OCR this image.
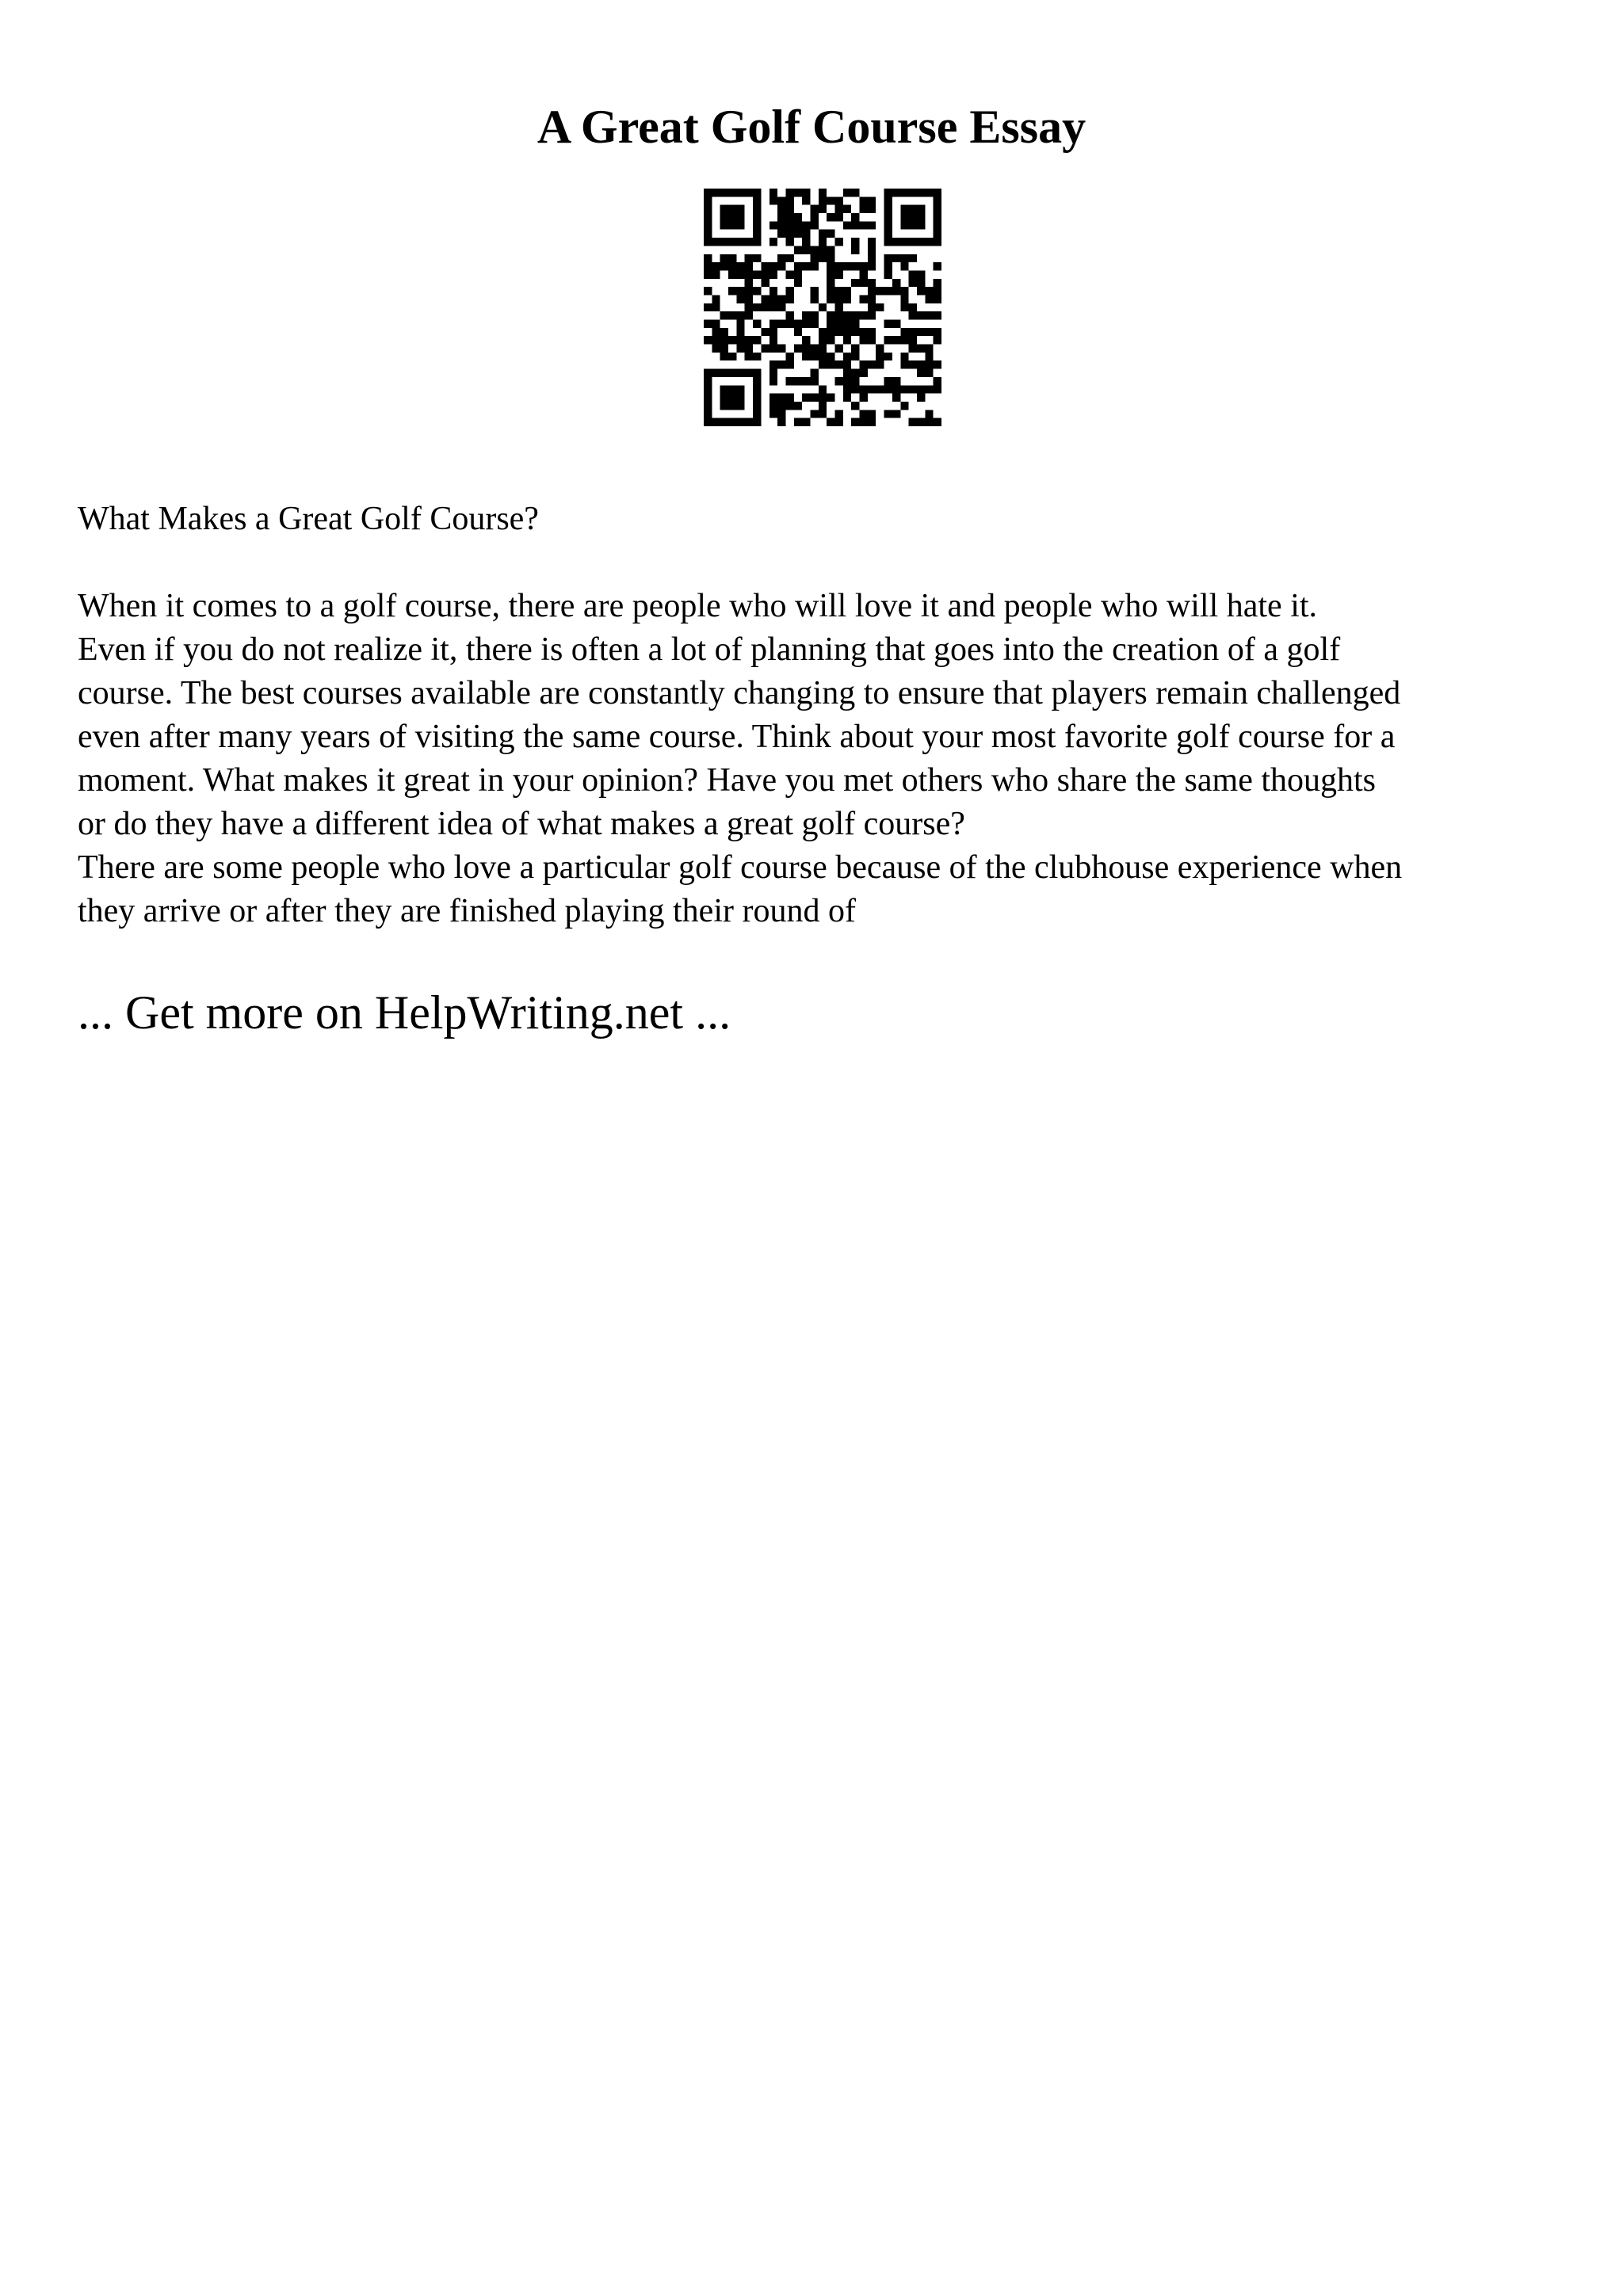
A Great Golf Course Essay

What Makes a Great Golf Course?

When it comes to a golf course, there are people who will love it and people who will hate it.

Even if you do not realize it, there is often a lot of planning that goes into the creation of a golf

course. The best courses available are constantly changing to ensure that players remain challenged

even after many years of visiting the same course. Think about your most favorite golf course for a

moment. What makes it great in your opinion? Have you met others who share the same thoughts

or do they have a different idea of what makes a great golf course?

There are some people who love a particular golf course because of the clubhouse experience when

they arrive or after they are finished playing their round of

... Get more on HelpWriting.net ...
